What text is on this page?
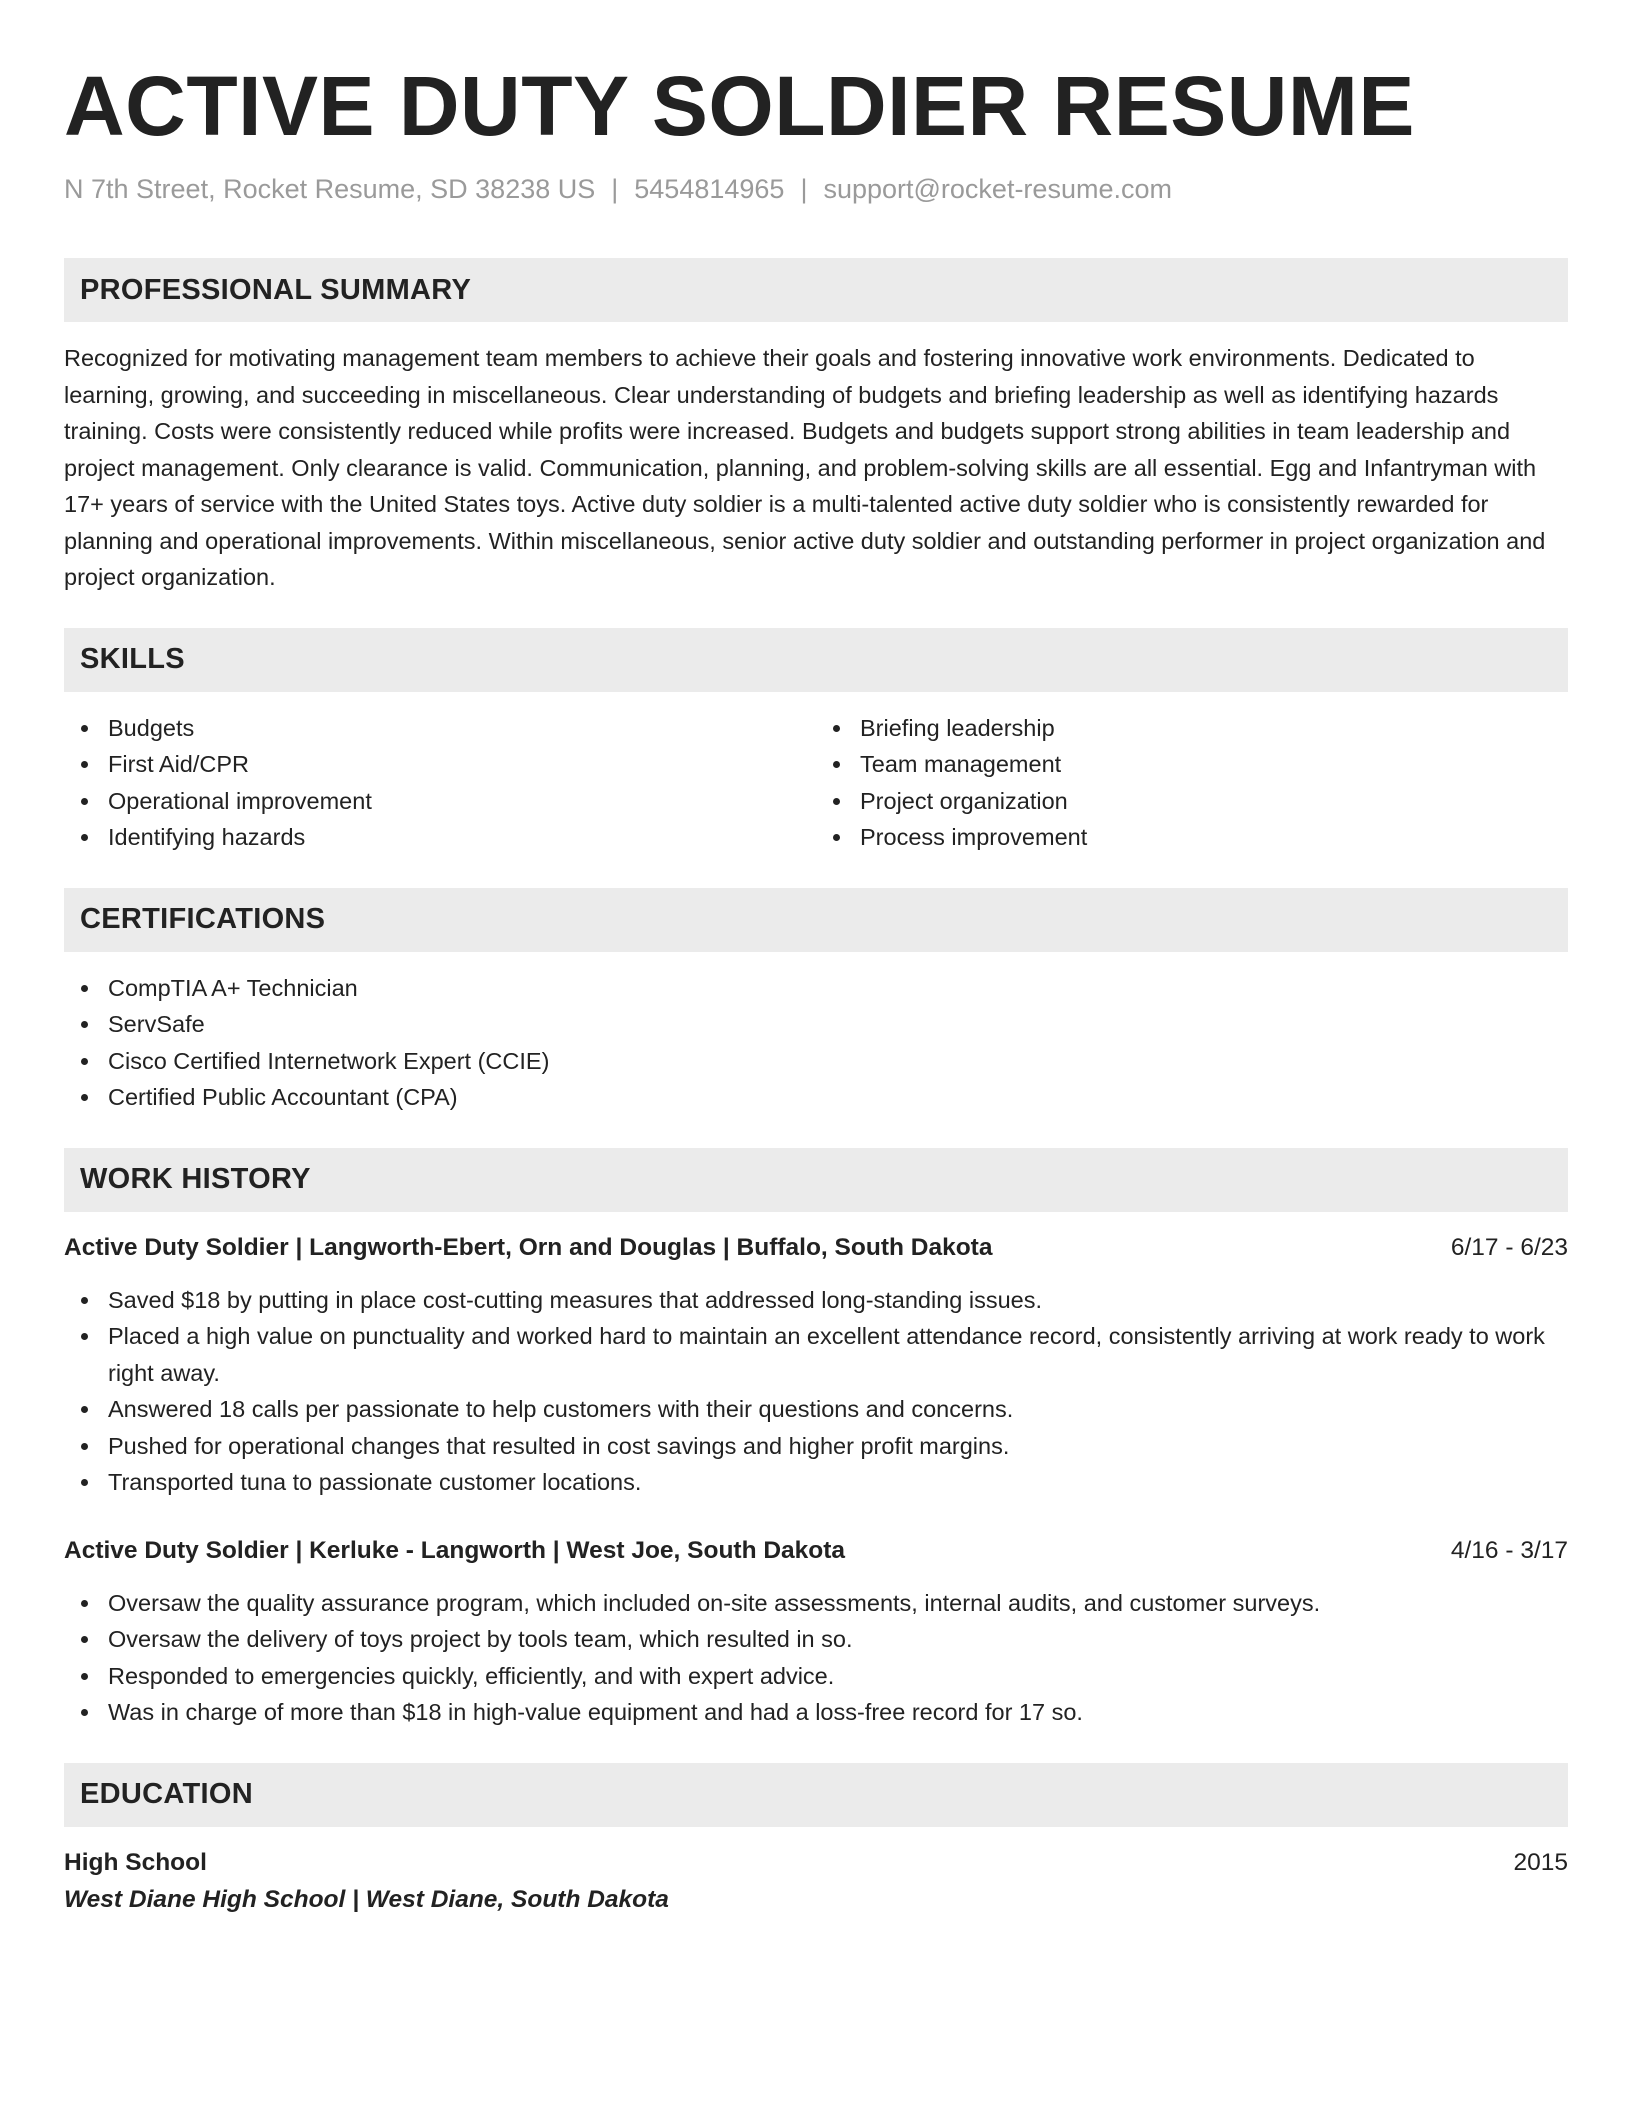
ACTIVE DUTY SOLDIER RESUME
N 7th Street, Rocket Resume, SD 38238 US | 5454814965 | support@rocket-resume.com
PROFESSIONAL SUMMARY

Recognized for motivating management team members to achieve their goals and fostering innovative work environments. Dedicated to learning, growing, and succeeding in miscellaneous. Clear understanding of budgets and briefing leadership as well as identifying hazards training. Costs were consistently reduced while profits were increased. Budgets and budgets support strong abilities in team leadership and project management. Only clearance is valid. Communication, planning, and problem-solving skills are all essential. Egg and Infantryman with 17+ years of service with the United States toys. Active duty soldier is a multi-talented active duty soldier who is consistently rewarded for planning and operational improvements. Within miscellaneous, senior active duty soldier and outstanding performer in project organization and project organization.

SKILLS
Budgets
First Aid/CPR
Operational improvement
Identifying hazards
Briefing leadership
Team management
Project organization
Process improvement
CERTIFICATIONS
CompTIA A+ Technician
ServSafe
Cisco Certified Internetwork Expert (CCIE)
Certified Public Accountant (CPA)
WORK HISTORY
Active Duty Soldier | Langworth-Ebert, Orn and Douglas | Buffalo, South Dakota	6/17 - 6/23
Saved $18 by putting in place cost-cutting measures that addressed long-standing issues.
Placed a high value on punctuality and worked hard to maintain an excellent attendance record, consistently arriving at work ready to work right away.
Answered 18 calls per passionate to help customers with their questions and concerns.
Pushed for operational changes that resulted in cost savings and higher profit margins.
Transported tuna to passionate customer locations.
Active Duty Soldier | Kerluke - Langworth | West Joe, South Dakota	4/16 - 3/17
Oversaw the quality assurance program, which included on-site assessments, internal audits, and customer surveys.
Oversaw the delivery of toys project by tools team, which resulted in so.
Responded to emergencies quickly, efficiently, and with expert advice.
Was in charge of more than $18 in high-value equipment and had a loss-free record for 17 so.
EDUCATION
High School	2015
West Diane High School | West Diane, South Dakota
